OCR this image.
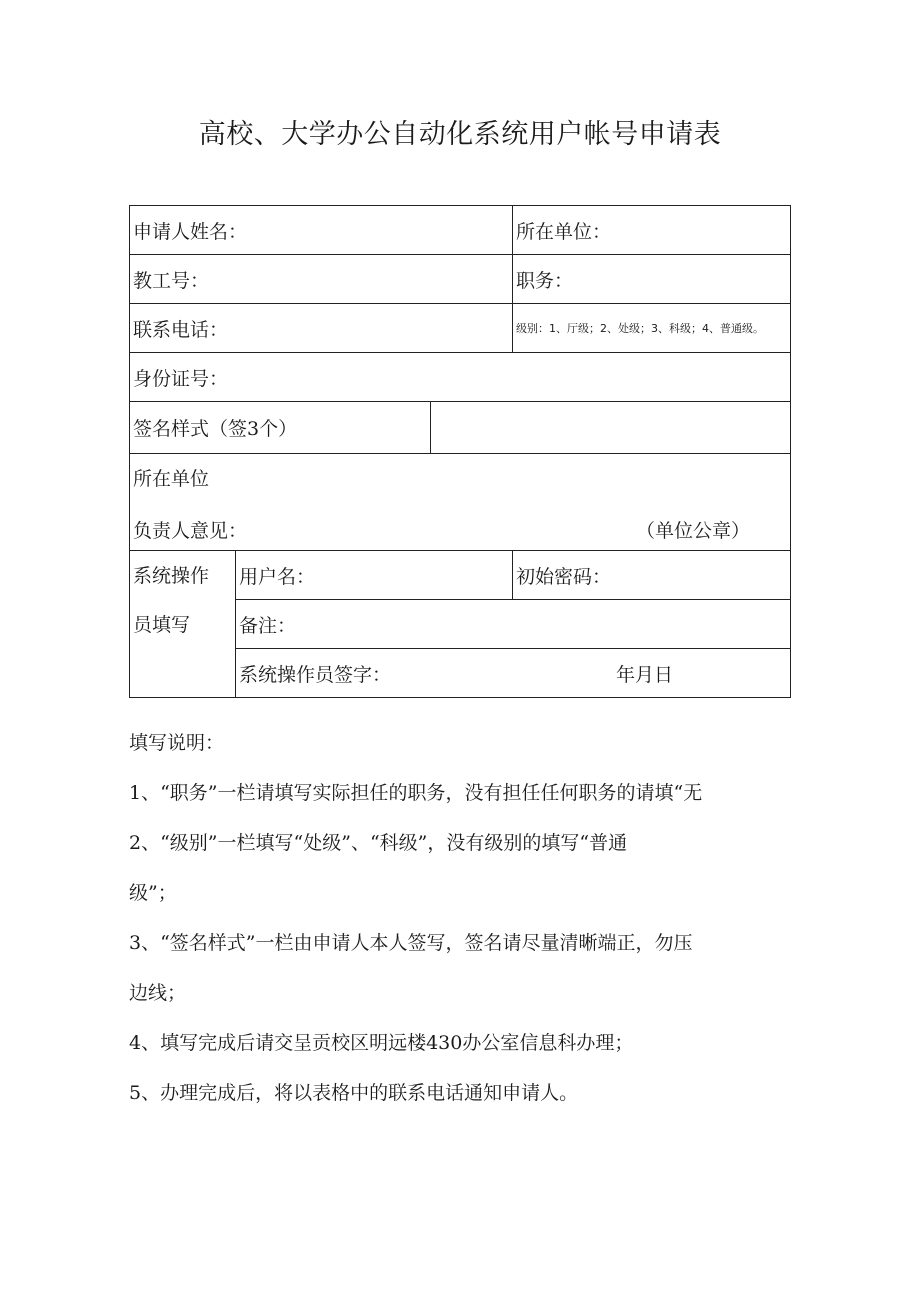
高校、大学办公自动化系统用户帐号申请表
申请人姓名：			所在单位：
教工号：			职务：
联系电话：			级别：1、厅级；2、处级；3、科级；4、普通级。
身份证号：			
签名样式（签3个）			

所在单位
负责人意见： （单位公章）			

系统操作
员填写	用户名：		初始密码：
	备注：		
	系统操作员签字： 年月日		

填写说明：

1、“职务”一栏请填写实际担任的职务，没有担任任何职务的请填“无

2、“级别”一栏填写“处级”、“科级”，没有级别的填写“普通

级”；

3、“签名样式”一栏由申请人本人签写，签名请尽量清晰端正，勿压

边线；

4、填写完成后请交呈贡校区明远楼430办公室信息科办理；

5、办理完成后，将以表格中的联系电话通知申请人。
